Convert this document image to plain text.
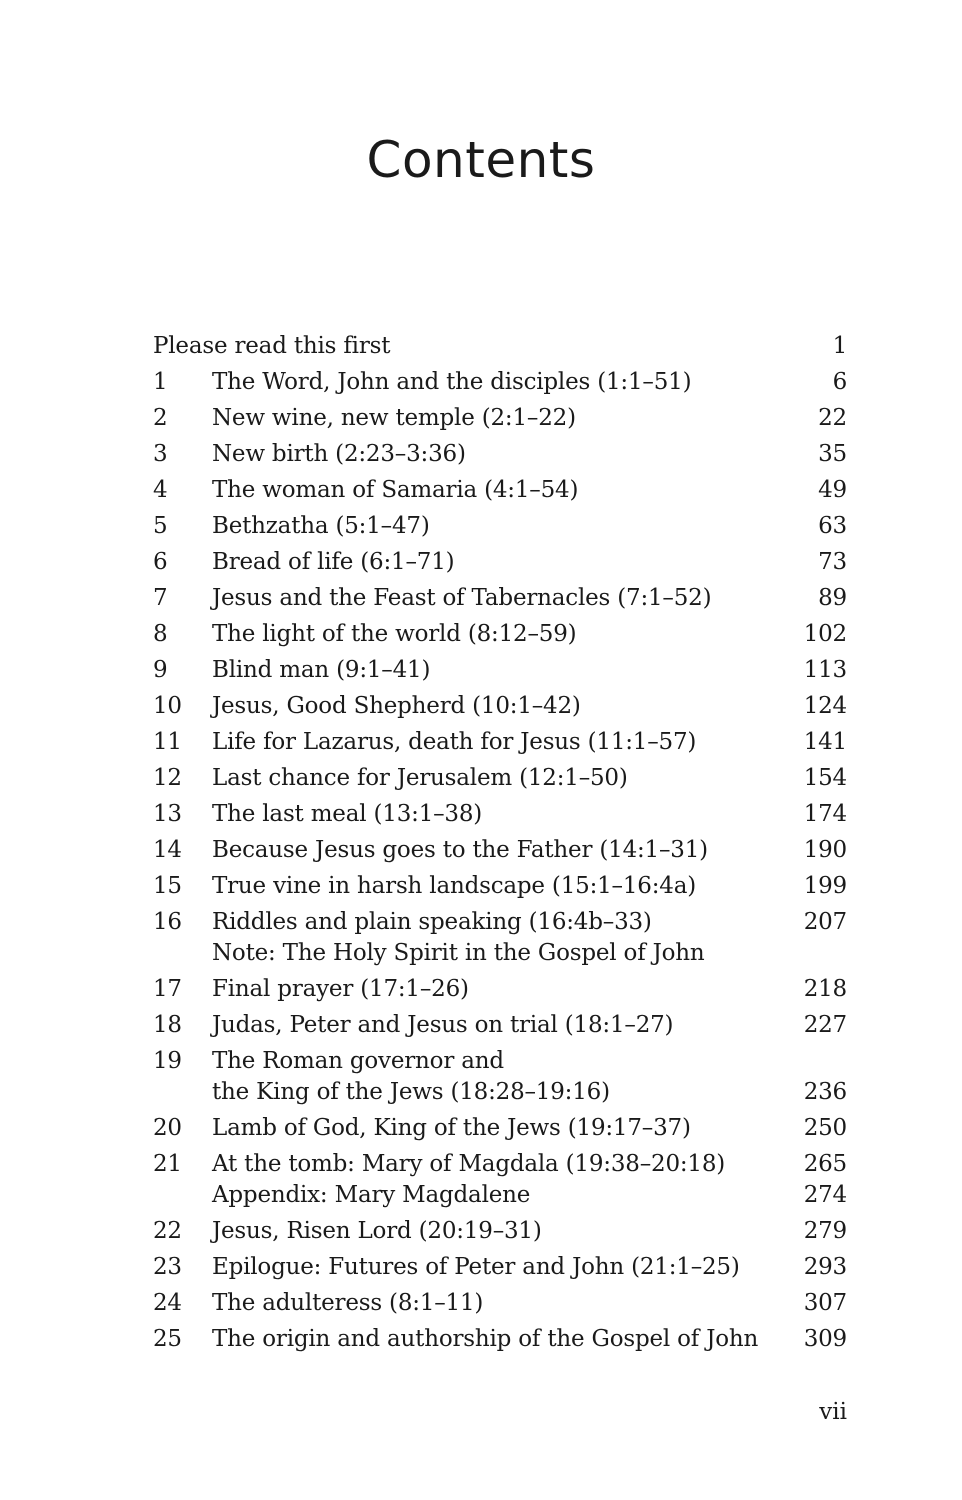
Contents
Please read this first	1
1	The Word, John and the disciples (1:1–51)	6
2	New wine, new temple (2:1–22)	22
3	New birth (2:23–3:36)	35
4	The woman of Samaria (4:1–54)	49
5	Bethzatha (5:1–47)	63
6	Bread of life (6:1–71)	73
7	Jesus and the Feast of Tabernacles (7:1–52)	89
8	The light of the world (8:12–59)	102
9	Blind man (9:1–41)	113
10	Jesus, Good Shepherd (10:1–42)	124
11	Life for Lazarus, death for Jesus (11:1–57)	141
12	Last chance for Jerusalem (12:1–50)	154
13	The last meal (13:1–38)	174
14	Because Jesus goes to the Father (14:1–31)	190
15	True vine in harsh landscape (15:1–16:4a)	199
16	Riddles and plain speaking (16:4b–33)	207
Note: The Holy Spirit in the Gospel of John
17	Final prayer (17:1–26)	218
18	Judas, Peter and Jesus on trial (18:1–27)	227
19	The Roman governor and
the King of the Jews (18:28–19:16)	236
20	Lamb of God, King of the Jews (19:17–37)	250
21	At the tomb: Mary of Magdala (19:38–20:18)	265
Appendix: Mary Magdalene	274
22	Jesus, Risen Lord (20:19–31)	279
23	Epilogue: Futures of Peter and John (21:1–25)	293
24	The adulteress (8:1–11)	307
25	The origin and authorship of the Gospel of John	309
vii
